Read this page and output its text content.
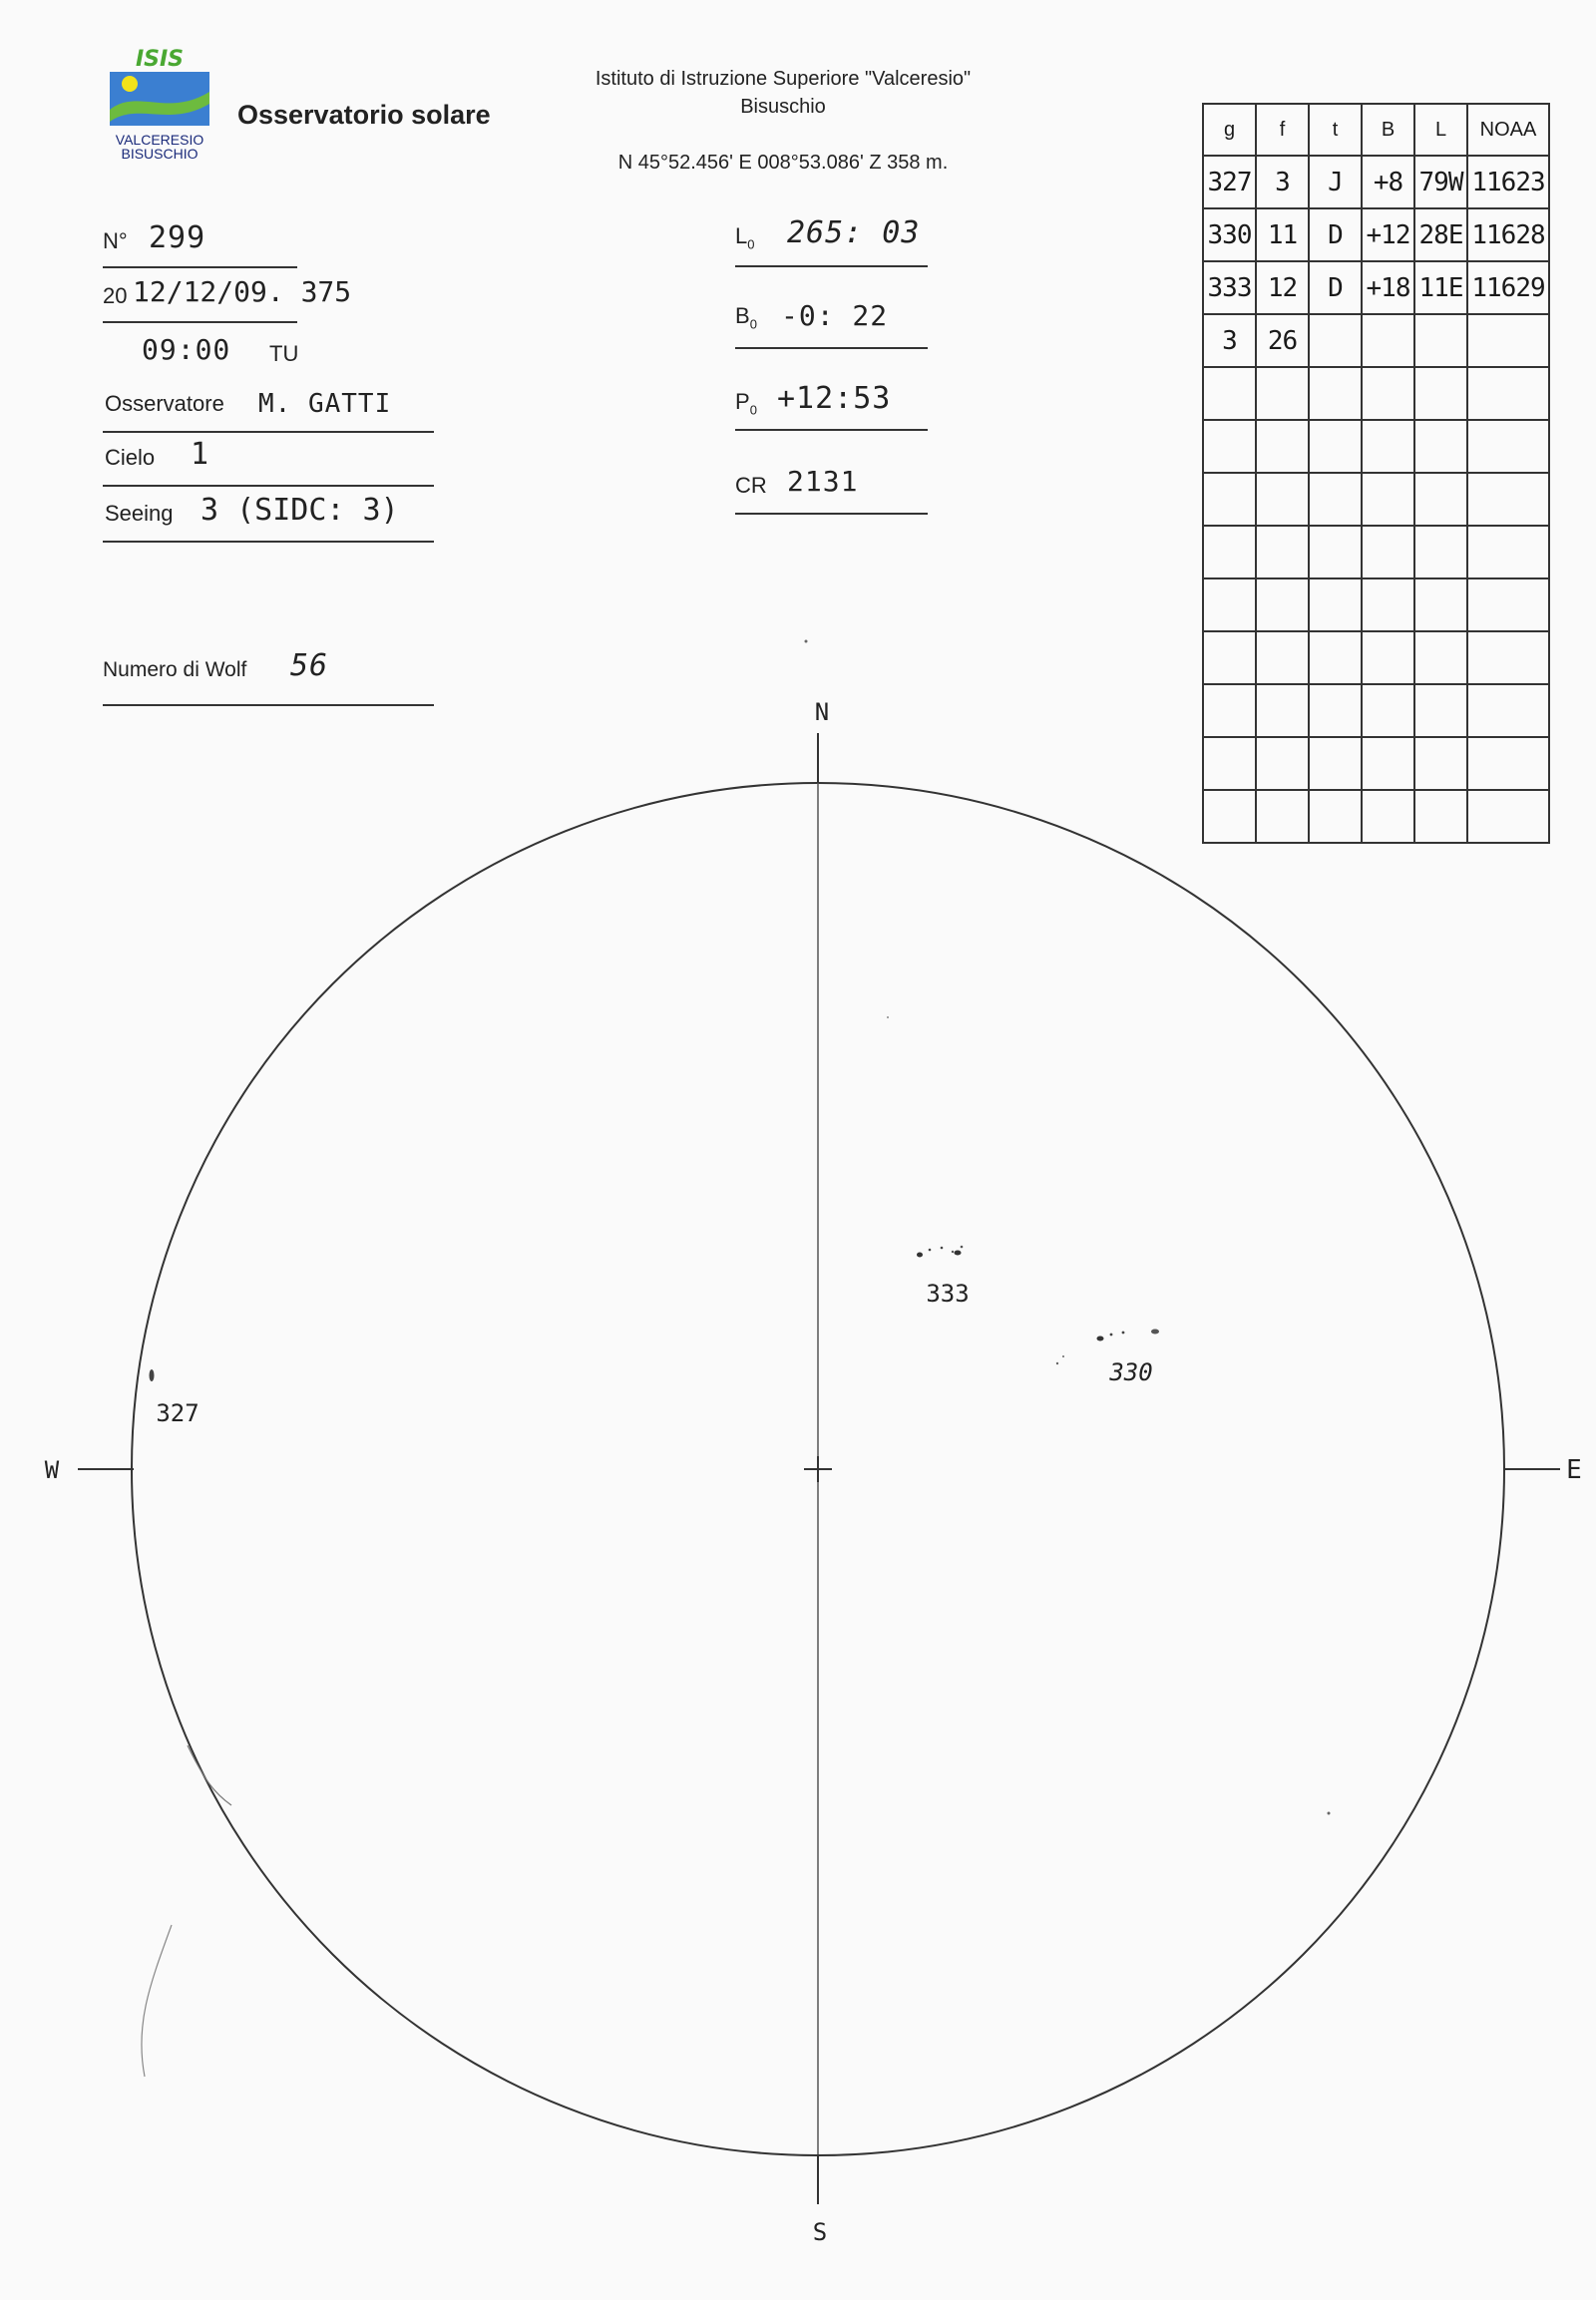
ISIS
VALCERESIO
BISUSCHIO
Osservatorio solare
Istituto di Istruzione Superiore "Valceresio"
Bisuschio
N 45°52.456' E 008°53.086' Z 358 m.
N° 299
20 12/12/09. 375
09:00 TU
Osservatore M. GATTI
Cielo 1
Seeing 3 (SIDC: 3)
Numero di Wolf 56
$L_0$ 265: 03
$B_0$ -0: 22
$P_0$ +12:53
CR 2131
g	f	t	B	L	NOAA
327	3	J	+8	79W	11623
330	11	D	+12	28E	11628
333	12	D	+18	11E	11629
3	26				

N
S
W	E
333
330
327
